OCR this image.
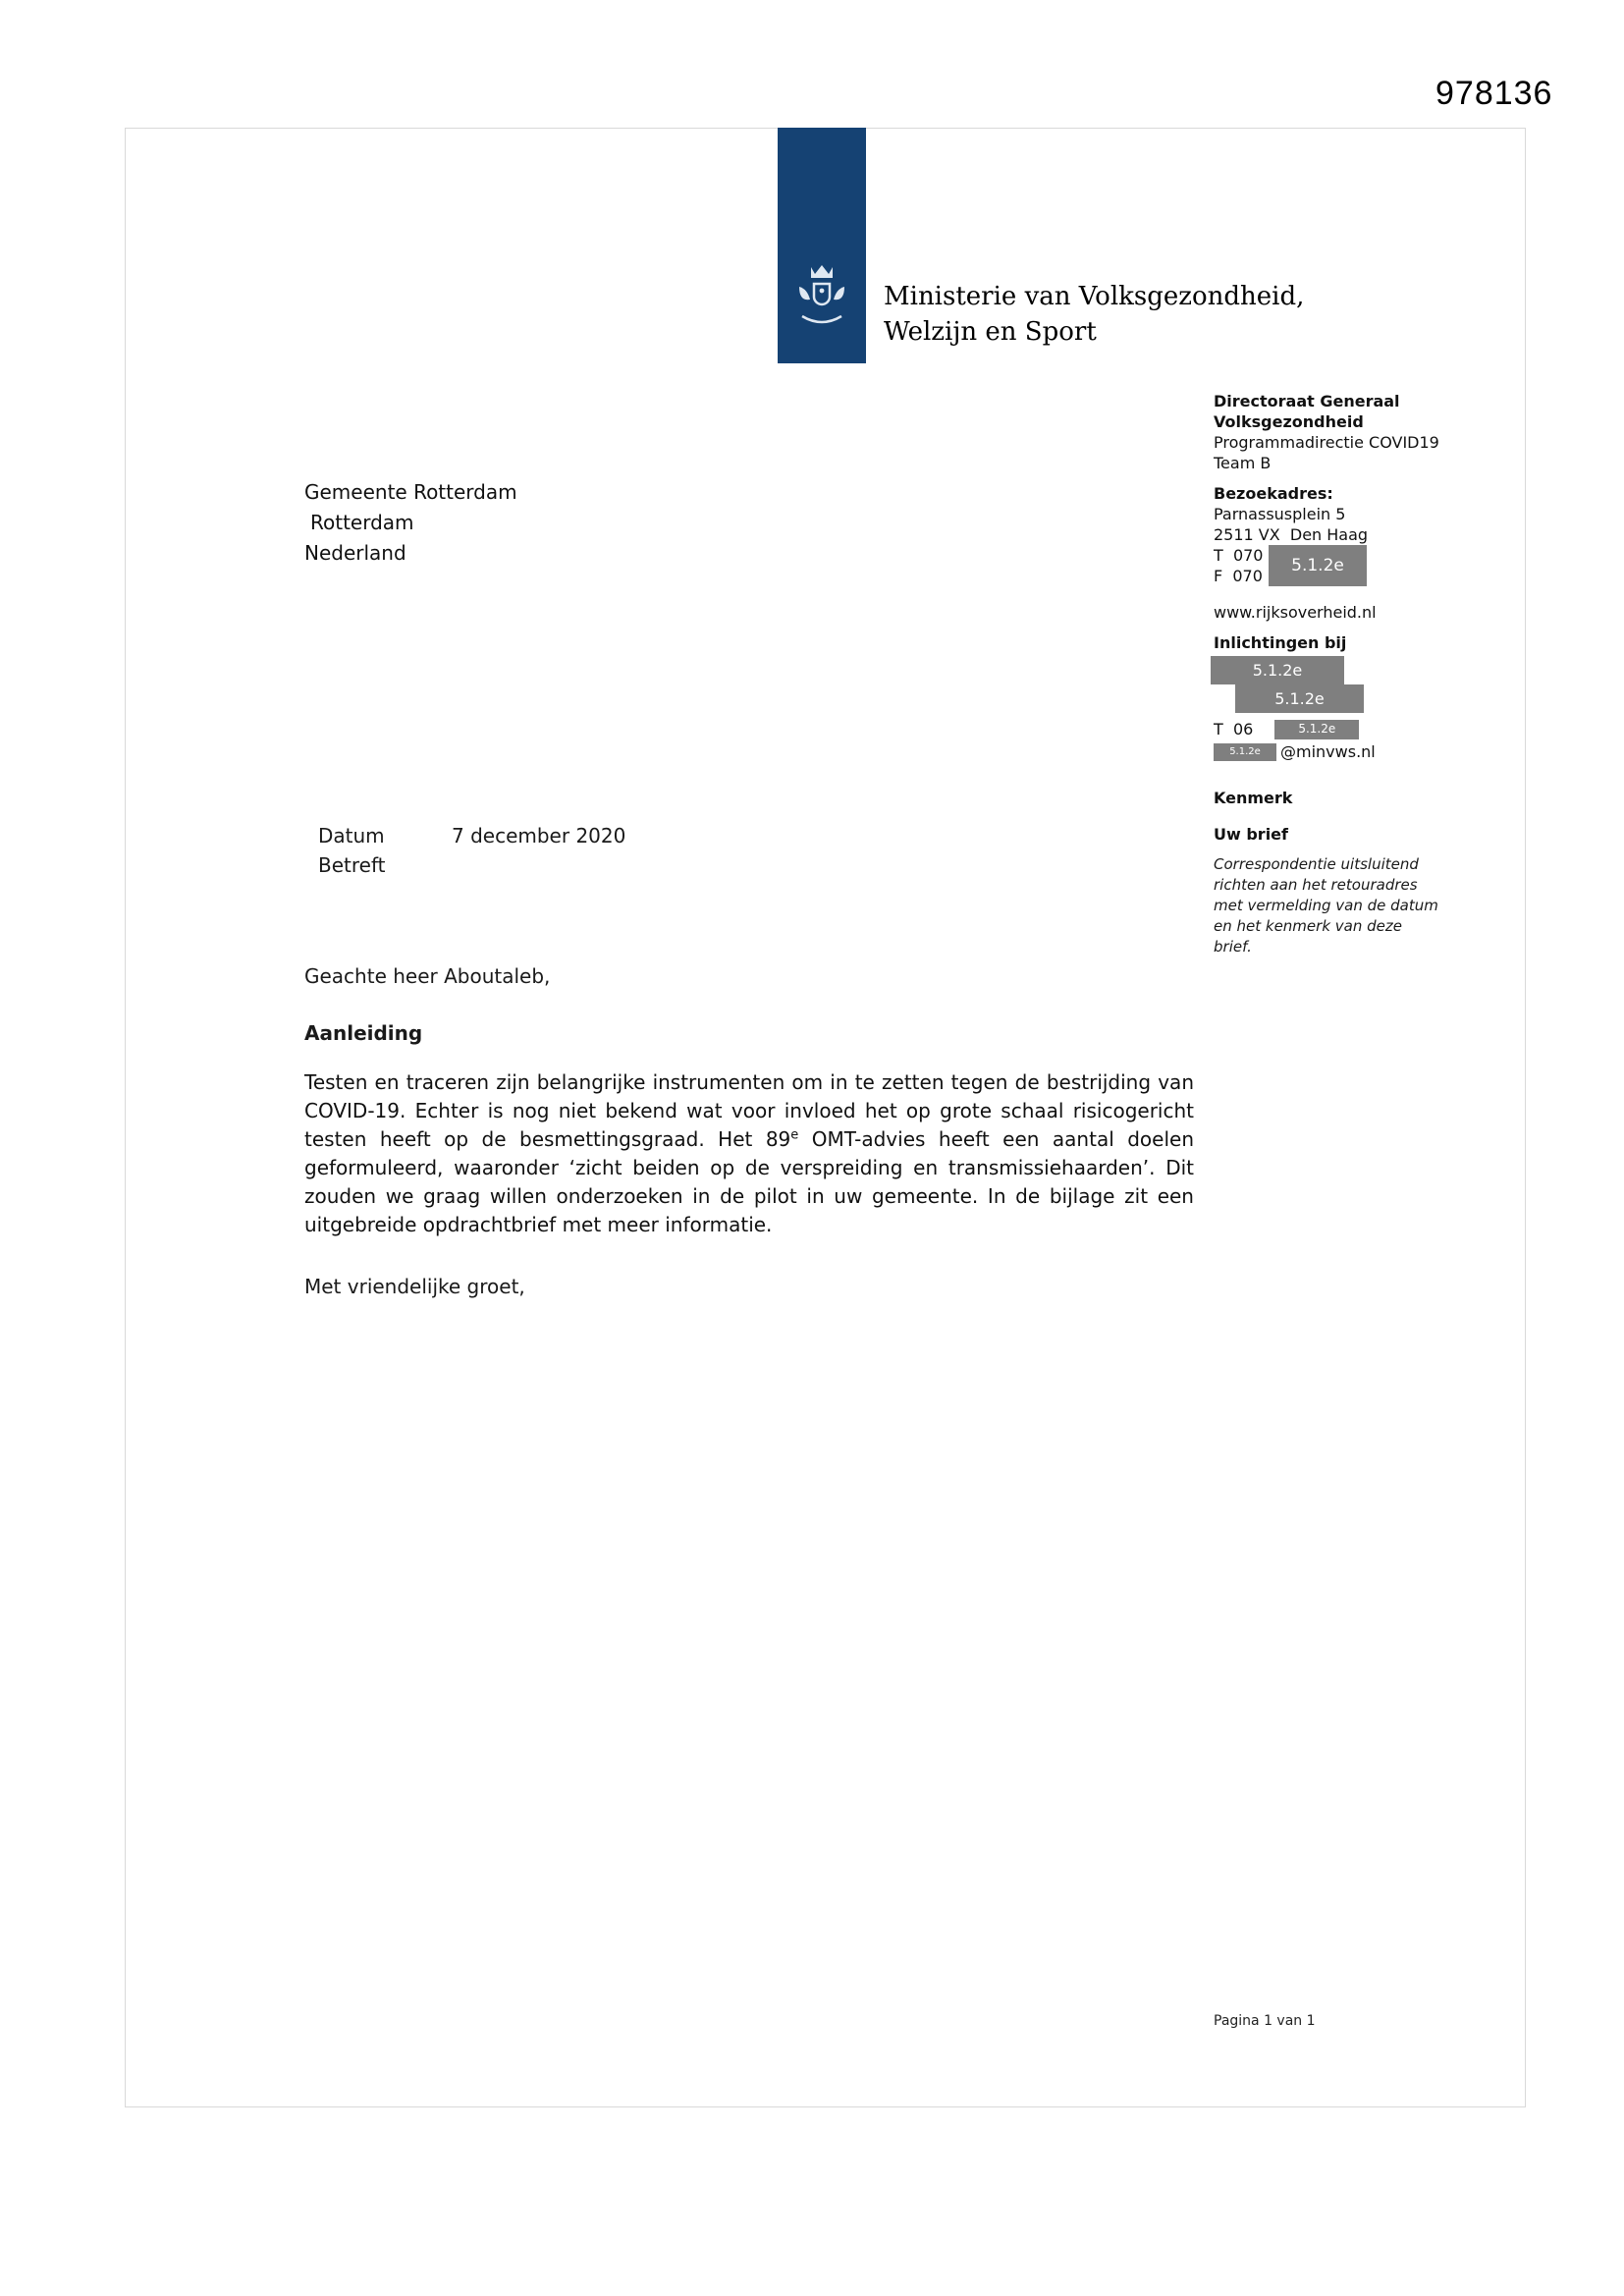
978136
Ministerie van Volksgezondheid,
Welzijn en Sport
Gemeente Rotterdam
Rotterdam
Nederland
Directoraat Generaal
Volksgezondheid
Programmadirectie COVID19
Team B
Bezoekadres:
Parnassusplein 5
2511 VX  Den Haag
T  070
F  070
5.1.2e
www.rijksoverheid.nl
Inlichtingen bij
5.1.2e
5.1.2e
T  06	5.1.2e
5.1.2e	@minvws.nl
Kenmerk
Uw brief
Correspondentie uitsluitend
richten aan het retouradres
met vermelding van de datum
en het kenmerk van deze
brief.
Datum	7 december 2020
Betreft
Geachte heer Aboutaleb,
Aanleiding
Testen en traceren zijn belangrijke instrumenten om in te zetten tegen de bestrijding van COVID-19. Echter is nog niet bekend wat voor invloed het op grote schaal risicogericht testen heeft op de besmettingsgraad. Het 89e OMT-advies heeft een aantal doelen geformuleerd, waaronder ‘zicht beiden op de verspreiding en transmissiehaarden’. Dit zouden we graag willen onderzoeken in de pilot in uw gemeente. In de bijlage zit een uitgebreide opdrachtbrief met meer informatie.
Met vriendelijke groet,
Pagina 1 van 1
